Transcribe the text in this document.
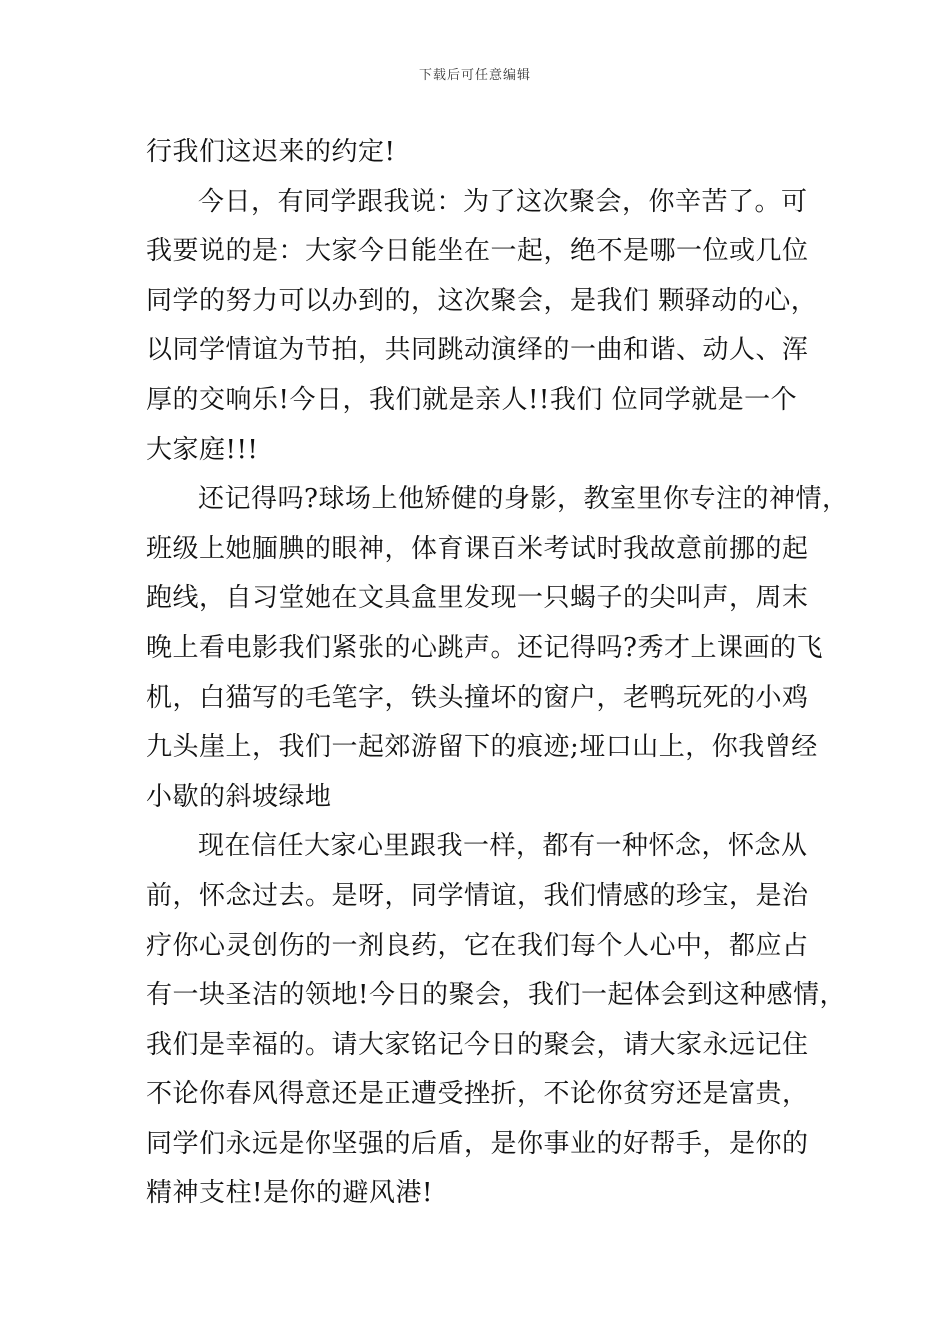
下载后可任意编辑
行我们这迟来的约定!
今日，有同学跟我说：为了这次聚会，你辛苦了。可
我要说的是：大家今日能坐在一起，绝不是哪一位或几位
同学的努力可以办到的，这次聚会，是我们 颗驿动的心，
以同学情谊为节拍，共同跳动演绎的一曲和谐、动人、浑
厚的交响乐!今日，我们就是亲人!!我们 位同学就是一个
大家庭!!!
还记得吗?球场上他矫健的身影，教室里你专注的神情，
班级上她腼腆的眼神，体育课百米考试时我故意前挪的起
跑线，自习堂她在文具盒里发现一只蝎子的尖叫声，周末
晚上看电影我们紧张的心跳声。还记得吗?秀才上课画的飞
机，白猫写的毛笔字，铁头撞坏的窗户，老鸭玩死的小鸡
九头崖上，我们一起郊游留下的痕迹;垭口山上，你我曾经
小歇的斜坡绿地
现在信任大家心里跟我一样，都有一种怀念，怀念从
前，怀念过去。是呀，同学情谊，我们情感的珍宝，是治
疗你心灵创伤的一剂良药，它在我们每个人心中，都应占
有一块圣洁的领地!今日的聚会，我们一起体会到这种感情，
我们是幸福的。请大家铭记今日的聚会，请大家永远记住
不论你春风得意还是正遭受挫折，不论你贫穷还是富贵，
同学们永远是你坚强的后盾，是你事业的好帮手，是你的
精神支柱!是你的避风港!
